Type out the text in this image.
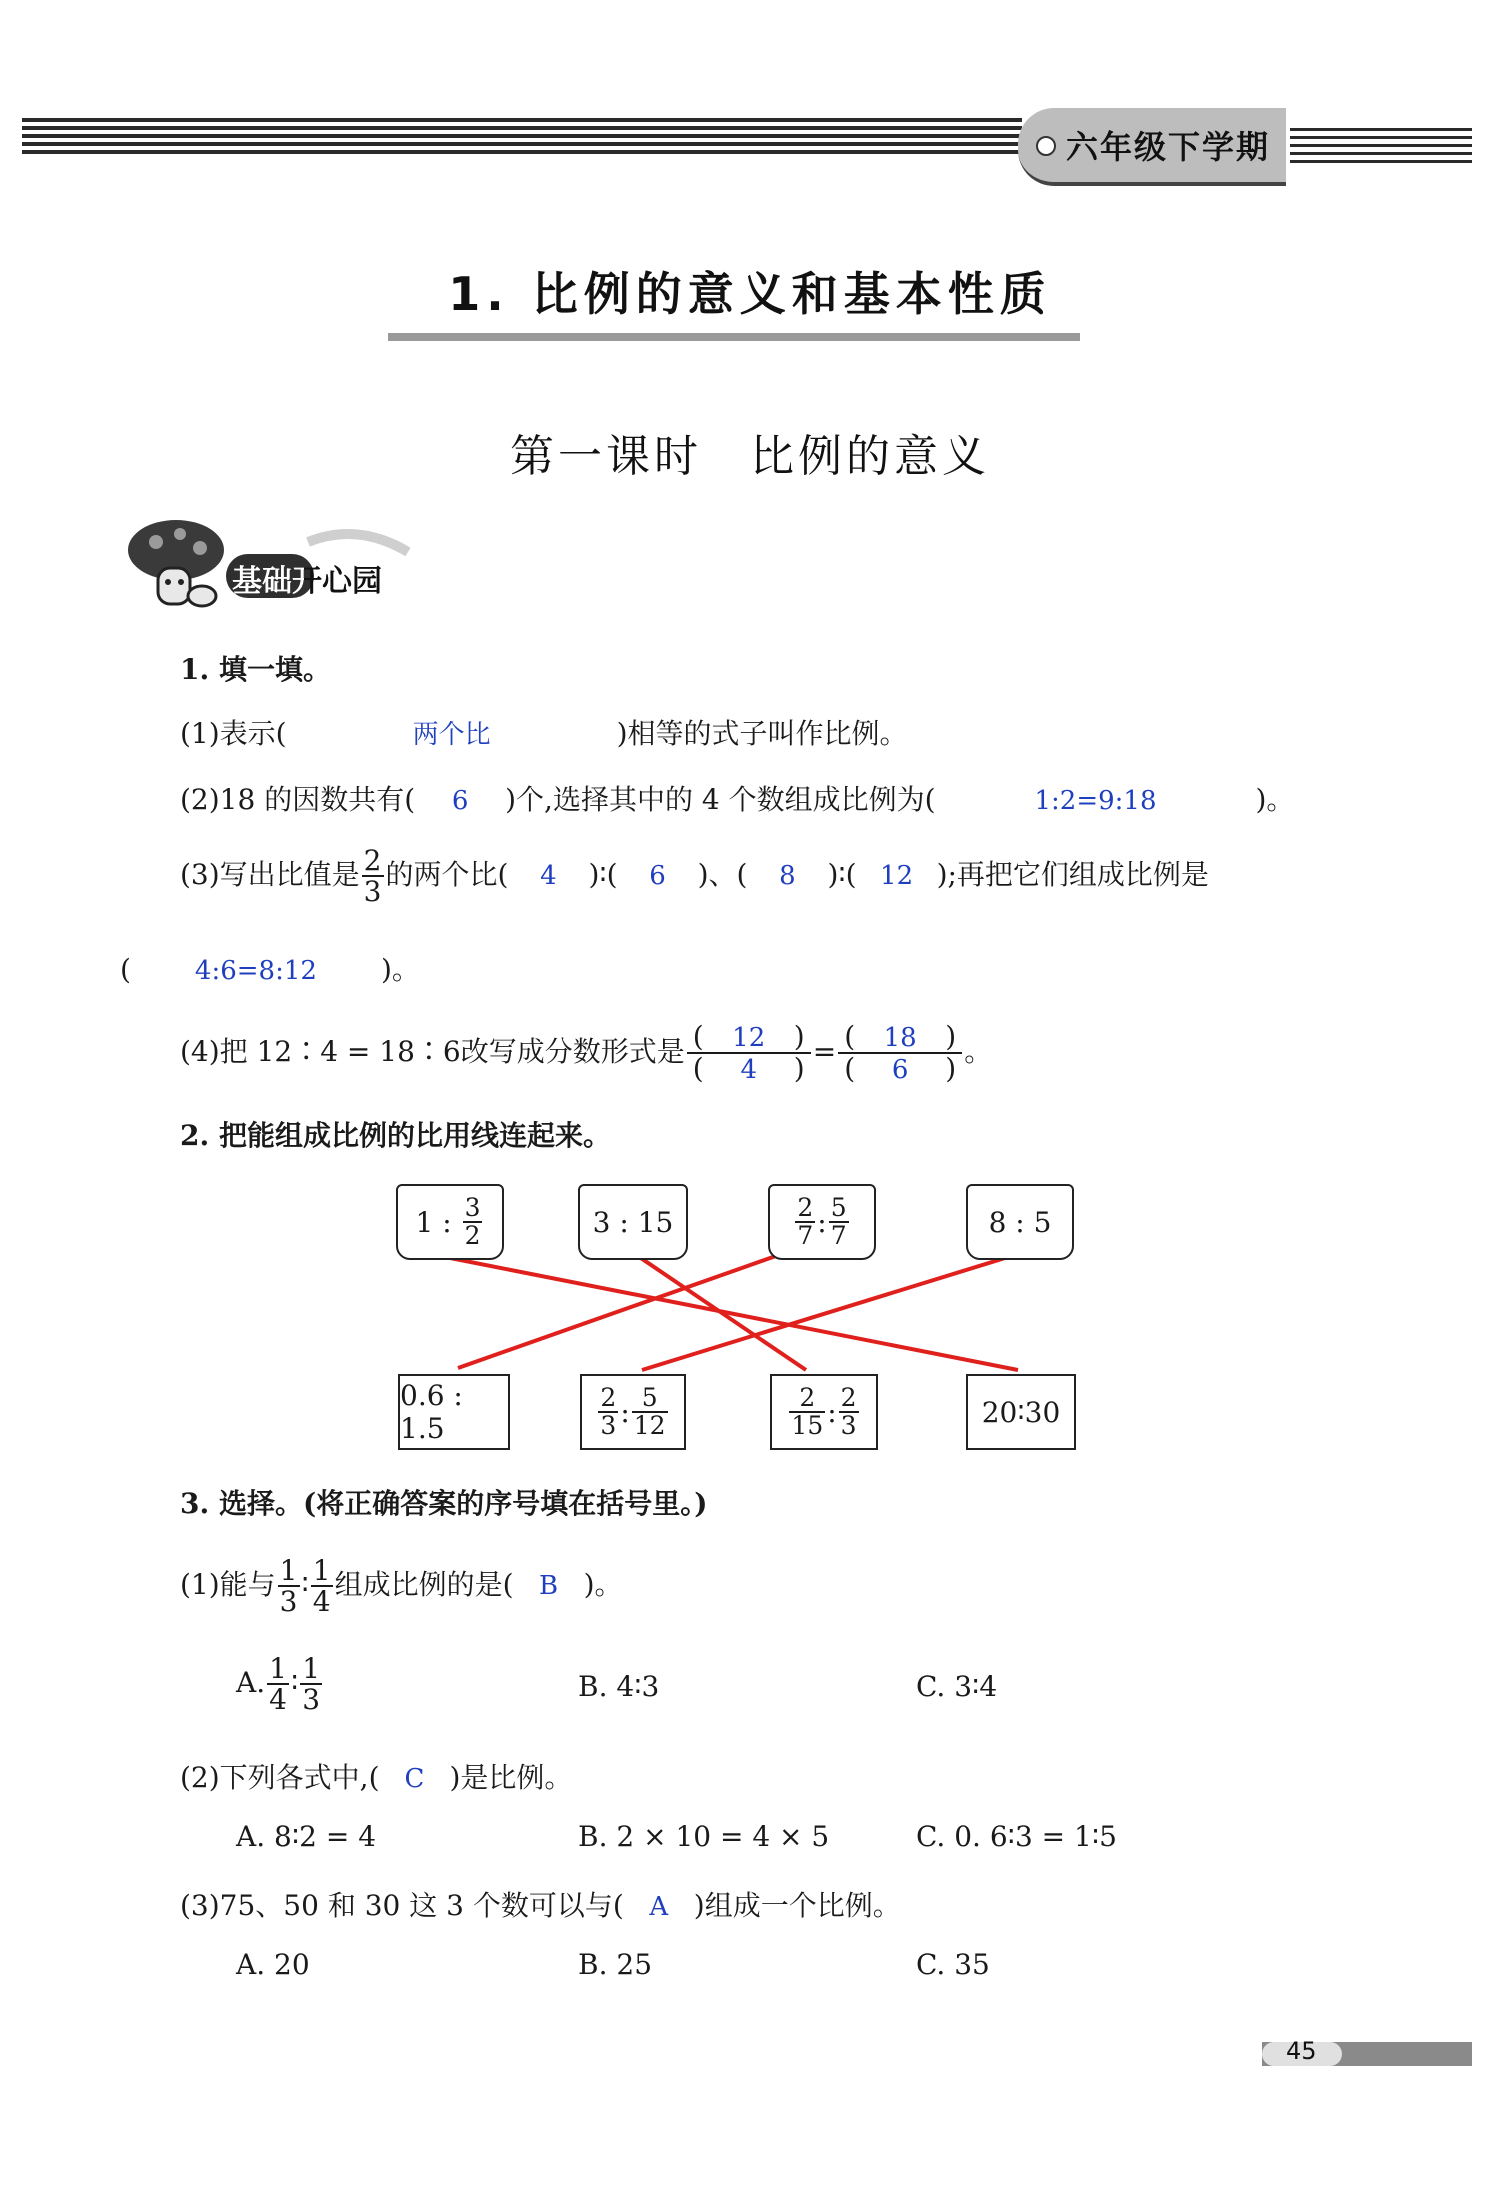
六年级下学期
1. 比例的意义和基本性质
第一课时　比例的意义
基础开心园
1. 填一填。
(1)表示(	两个比	)相等的式子叫作比例。
(2)18 的因数共有( 6 )个,选择其中的 4 个数组成比例为(	1:2=9:18	)。
(3)写出比值是 $\frac{2}{3}$ 的两个比( 4 )∶( 6 )、( 8 )∶( 12 );再把它们组成比例是
( 4:6=8:12 )。
(4)把 12∶4 = 18∶6改写成分数形式是 $\frac{( 12 )}{( 4 )} = \frac{( 18 )}{( 6 )}$ 。
2. 把能组成比例的比用线连起来。
1 :
$\frac{3}{2}$	3 : 15	$\frac{2}{7}$ : $\frac{5}{7}$	8 : 5
0.6 : 1.5	$\frac{2}{3}$ : $\frac{5}{12}$	$\frac{2}{15}$ : $\frac{2}{3}$	20∶30
3. 选择。(将正确答案的序号填在括号里。)
(1)能与 $\frac{1}{3}$ ∶ $\frac{1}{4}$ 组成比例的是( B )。
A. $\frac{1}{4}$ ∶ $\frac{1}{3}$	B. 4∶3	C. 3∶4
(2)下列各式中,( C )是比例。
A. 8∶2 = 4	B. 2 × 10 = 4 × 5	C. 0. 6∶3 = 1∶5
(3)75、50 和 30 这 3 个数可以与( A )组成一个比例。
A. 20	B. 25	C. 35
45
